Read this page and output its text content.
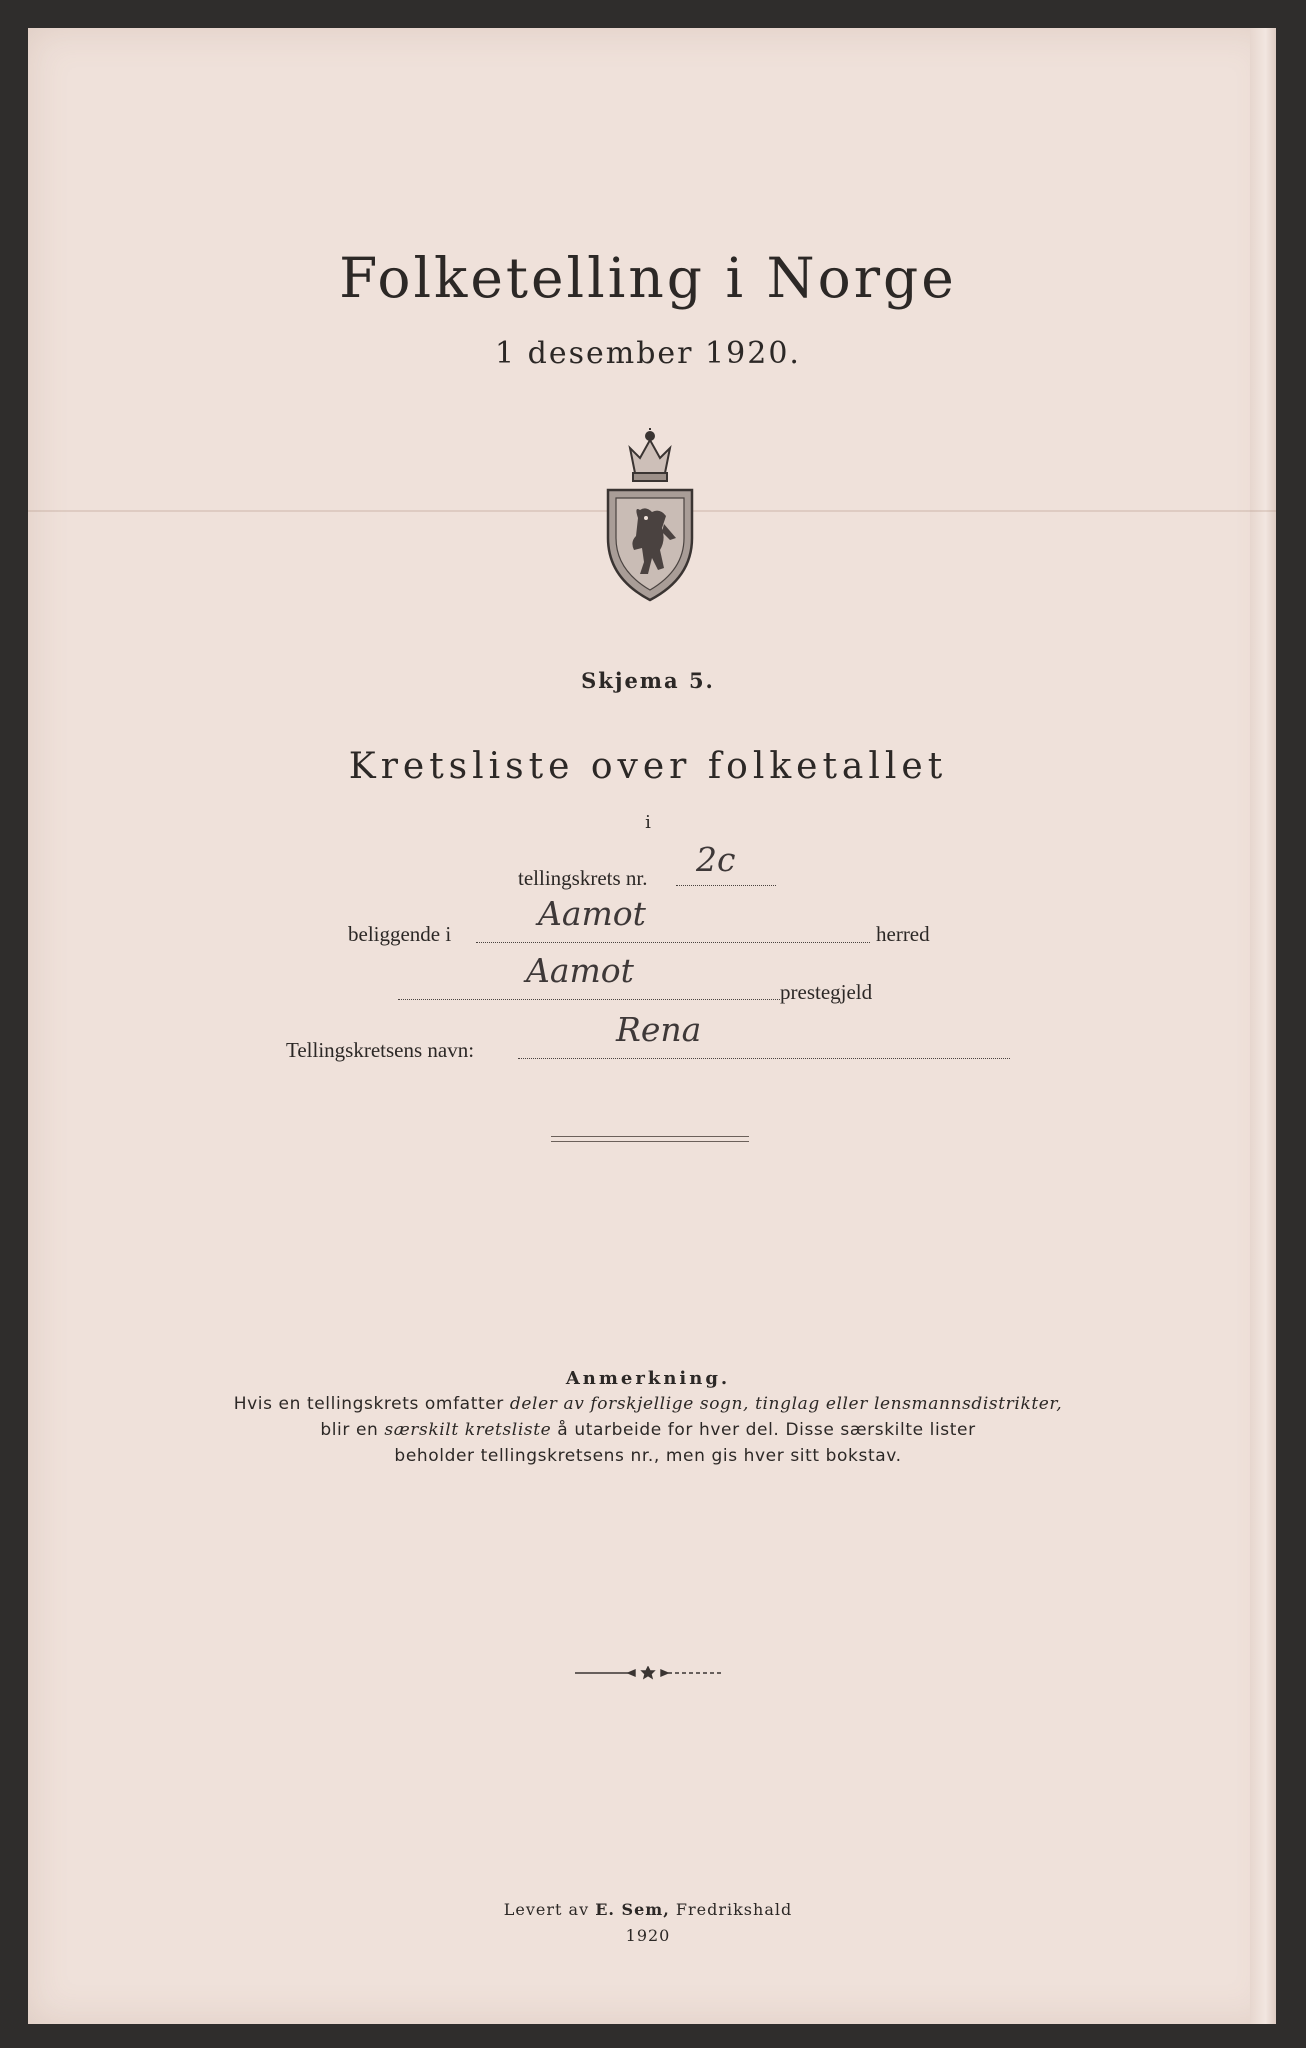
Folketelling i Norge
1 desember 1920.
Skjema 5.
Kretsliste over folketallet
i
tellingskrets nr. 2c
beliggende i
Aamot
herred
Aamot
prestegjeld
Tellingskretsens navn:
Rena
Anmerkning.
Hvis en tellingskrets omfatter deler av forskjellige sogn, tinglag eller lensmannsdistrikter,
blir en særskilt kretsliste å utarbeide for hver del. Disse særskilte lister
beholder tellingskretsens nr., men gis hver sitt bokstav.
Levert av E. Sem, Fredrikshald
1920
